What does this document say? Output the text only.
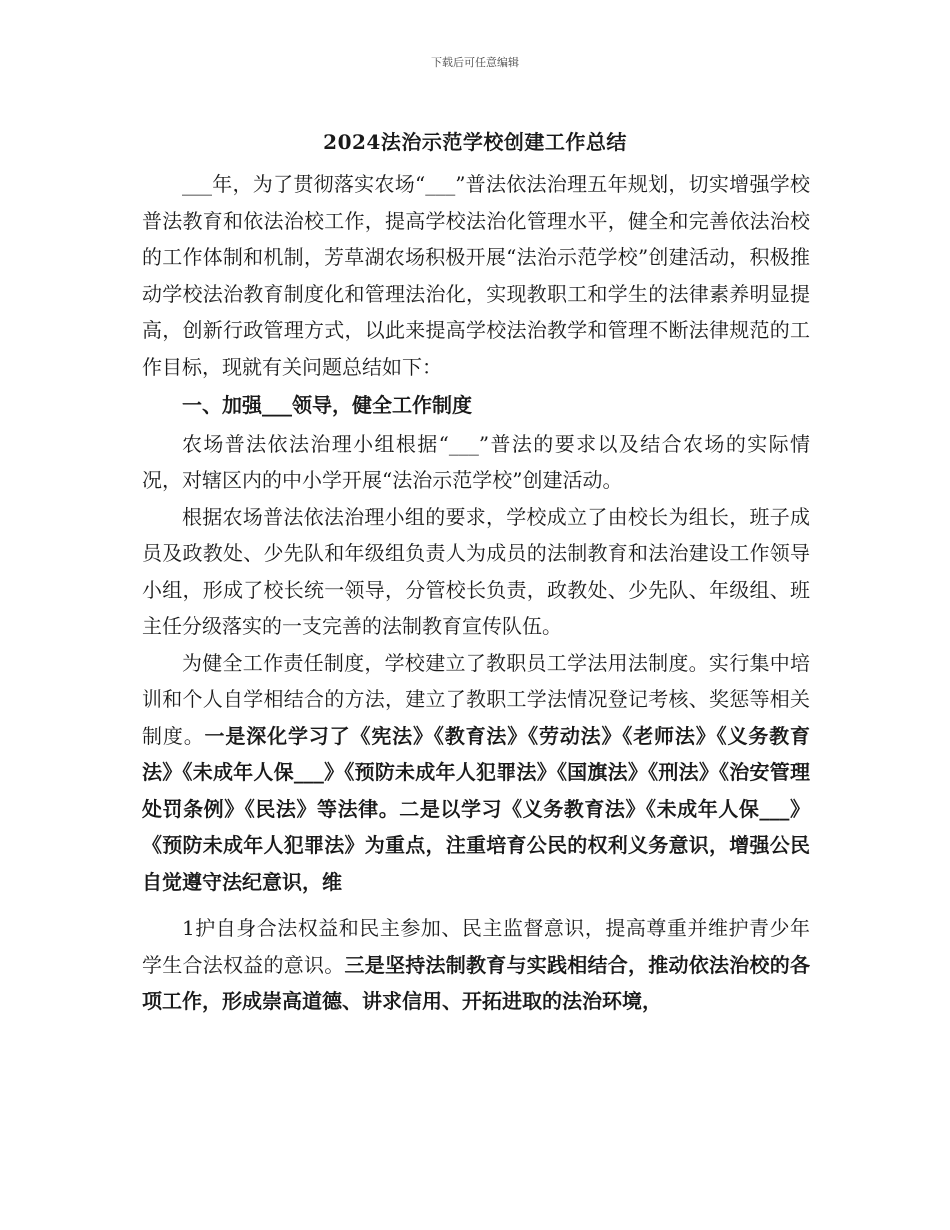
下载后可任意编辑
2024法治示范学校创建工作总结

___年，为了贯彻落实农场“___”普法依法治理五年规划，切实增强学校普法教育和依法治校工作，提高学校法治化管理水平，健全和完善依法治校的工作体制和机制，芳草湖农场积极开展“法治示范学校”创建活动，积极推动学校法治教育制度化和管理法治化，实现教职工和学生的法律素养明显提高，创新行政管理方式，以此来提高学校法治教学和管理不断法律规范的工作目标，现就有关问题总结如下：

一、加强___领导，健全工作制度

农场普法依法治理小组根据“___”普法的要求以及结合农场的实际情况，对辖区内的中小学开展“法治示范学校”创建活动。

根据农场普法依法治理小组的要求，学校成立了由校长为组长，班子成员及政教处、少先队和年级组负责人为成员的法制教育和法治建设工作领导小组，形成了校长统一领导，分管校长负责，政教处、少先队、年级组、班主任分级落实的一支完善的法制教育宣传队伍。

为健全工作责任制度，学校建立了教职员工学法用法制度。实行集中培训和个人自学相结合的方法，建立了教职工学法情况登记考核、奖惩等相关制度。一是深化学习了《宪法》《教育法》《劳动法》《老师法》《义务教育法》《未成年人保___》《预防未成年人犯罪法》《国旗法》《刑法》《治安管理处罚条例》《民法》等法律。二是以学习《义务教育法》《未成年人保___》《预防未成年人犯罪法》为重点，注重培育公民的权利义务意识，增强公民自觉遵守法纪意识，维

1护自身合法权益和民主参加、民主监督意识，提高尊重并维护青少年学生合法权益的意识。三是坚持法制教育与实践相结合，推动依法治校的各项工作，形成崇高道德、讲求信用、开拓进取的法治环境，
